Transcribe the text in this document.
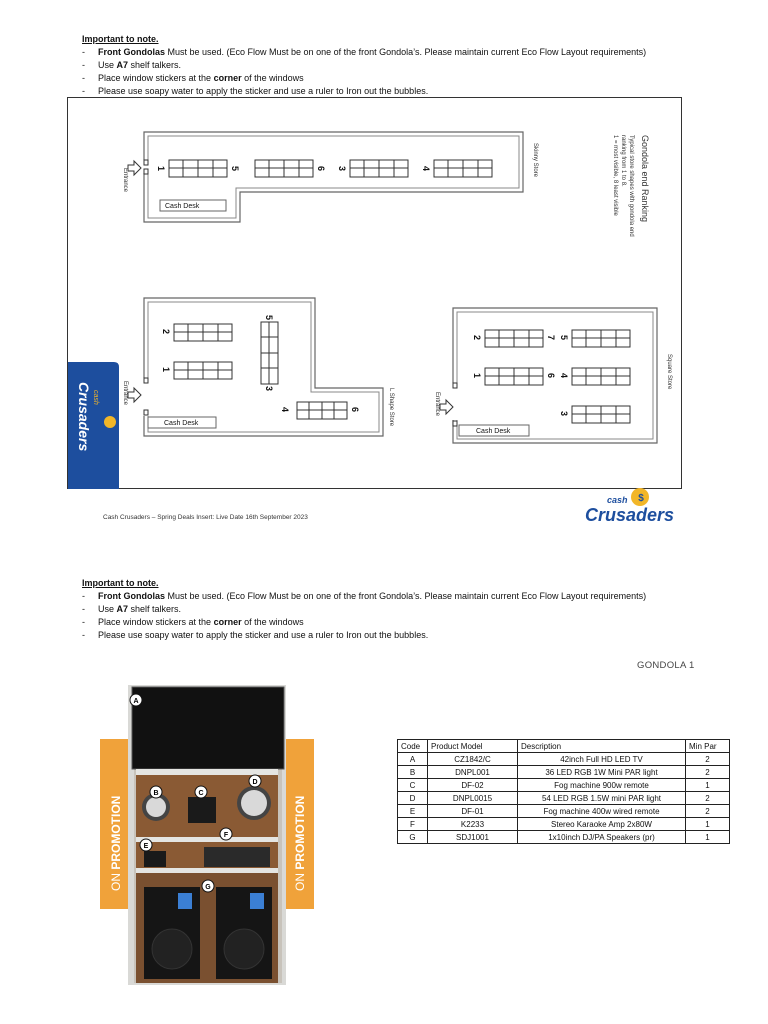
Important to note.
- Front Gondolas Must be used. (Eco Flow Must be on one of the front Gondola’s. Please maintain current Eco Flow Layout requirements)
- Use A7 shelf talkers.
- Place window stickers at the corner of the windows
- Please use soapy water to apply the sticker and use a ruler to Iron out the bubbles.
1	5	6 3	4
Cash Desk
Entrance
Skinny Store	Gondola end Ranking
Typical store shapes with gondola end
ranking from 1 to 8.
1 = most visible, 8 least visible
2
1
5
3
4	6
Cash Desk
Entrance	L Shape Store
2	7 5
1	6 4
3
Cash Desk
Entrance
Square Store
cash
Crusaders
Cash Crusaders – Spring Deals Insert: Live Date 16th September 2023
$
cash
Crusaders
Important to note.
- Front Gondolas Must be used. (Eco Flow Must be on one of the front Gondola’s. Please maintain current Eco Flow Layout requirements)
- Use A7 shelf talkers.
- Place window stickers at the corner of the windows
- Please use soapy water to apply the sticker and use a ruler to Iron out the bubbles.
GONDOLA 1
ON PROMOTION
ON PROMOTION
A
B	C
D
E
F
G
Code	Product Model	Description	Min Par
A	CZ1842/C	42inch Full HD LED TV	2
B	DNPL001	36 LED RGB 1W Mini PAR light	2
C	DF-02	Fog machine 900w remote	1
D	DNPL0015	54 LED RGB 1.5W mini PAR light	2
E	DF-01	Fog machine 400w wired remote	2
F	K2233	Stereo Karaoke Amp 2x80W	1
G	SDJ1001	1x10inch DJ/PA Speakers (pr)	1
